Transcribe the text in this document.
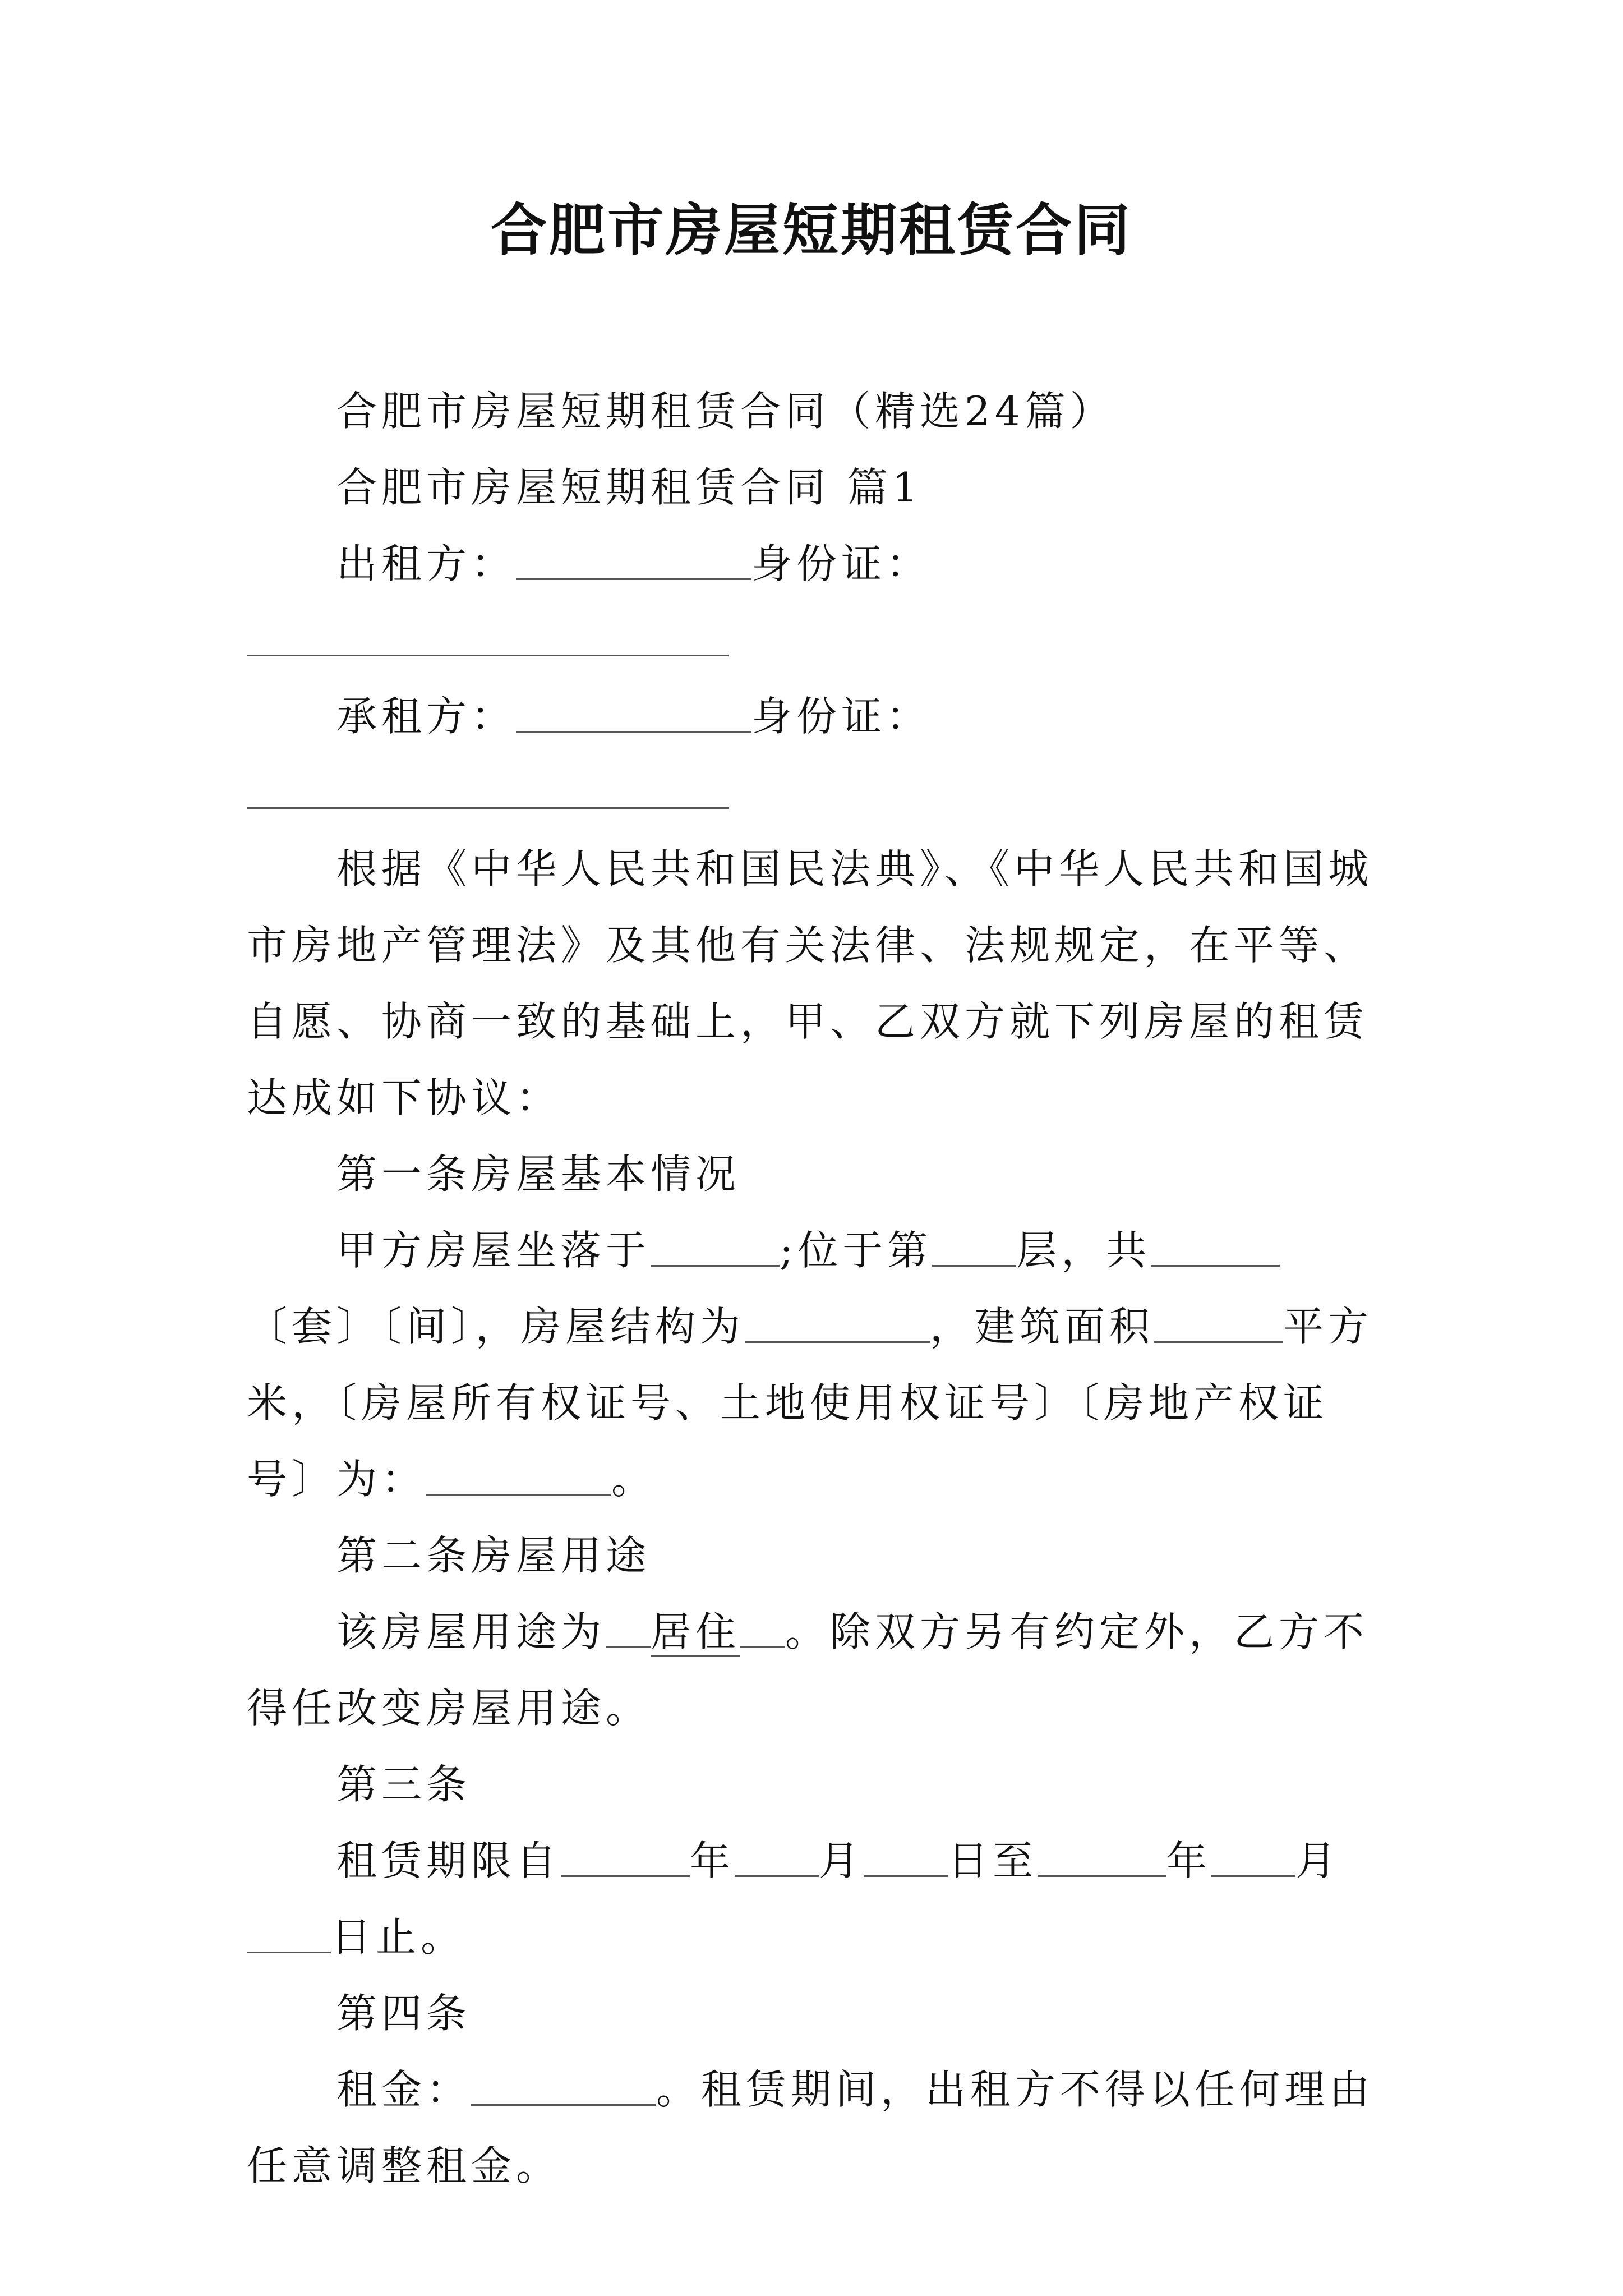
合肥市房屋短期租赁合同

合肥市房屋短期租赁合同（精选24篇）

合肥市房屋短期租赁合同 篇1

出租方：	身份证：

承租方：	身份证：

根据《中华人民共和国民法典》、《中华人民共和国城市房地产管理法》及其他有关法律、法规规定，在平等、自愿、协商一致的基础上，甲、乙双方就下列房屋的租赁达成如下协议：

第一条房屋基本情况

甲方房屋坐落于	;位于第 层，共〔套〕〔间〕，房屋结构为	，建筑面积	平方米，〔房屋所有权证号、土地使用权证号〕〔房地产权证号〕为：	。

第二条房屋用途

该房屋用途为 居住 。除双方另有约定外，乙方不得任改变房屋用途。

第三条

租赁期限自	年 月 日至	年 月日止。

第四条

租金：	。租赁期间，出租方不得以任何理由任意调整租金。
